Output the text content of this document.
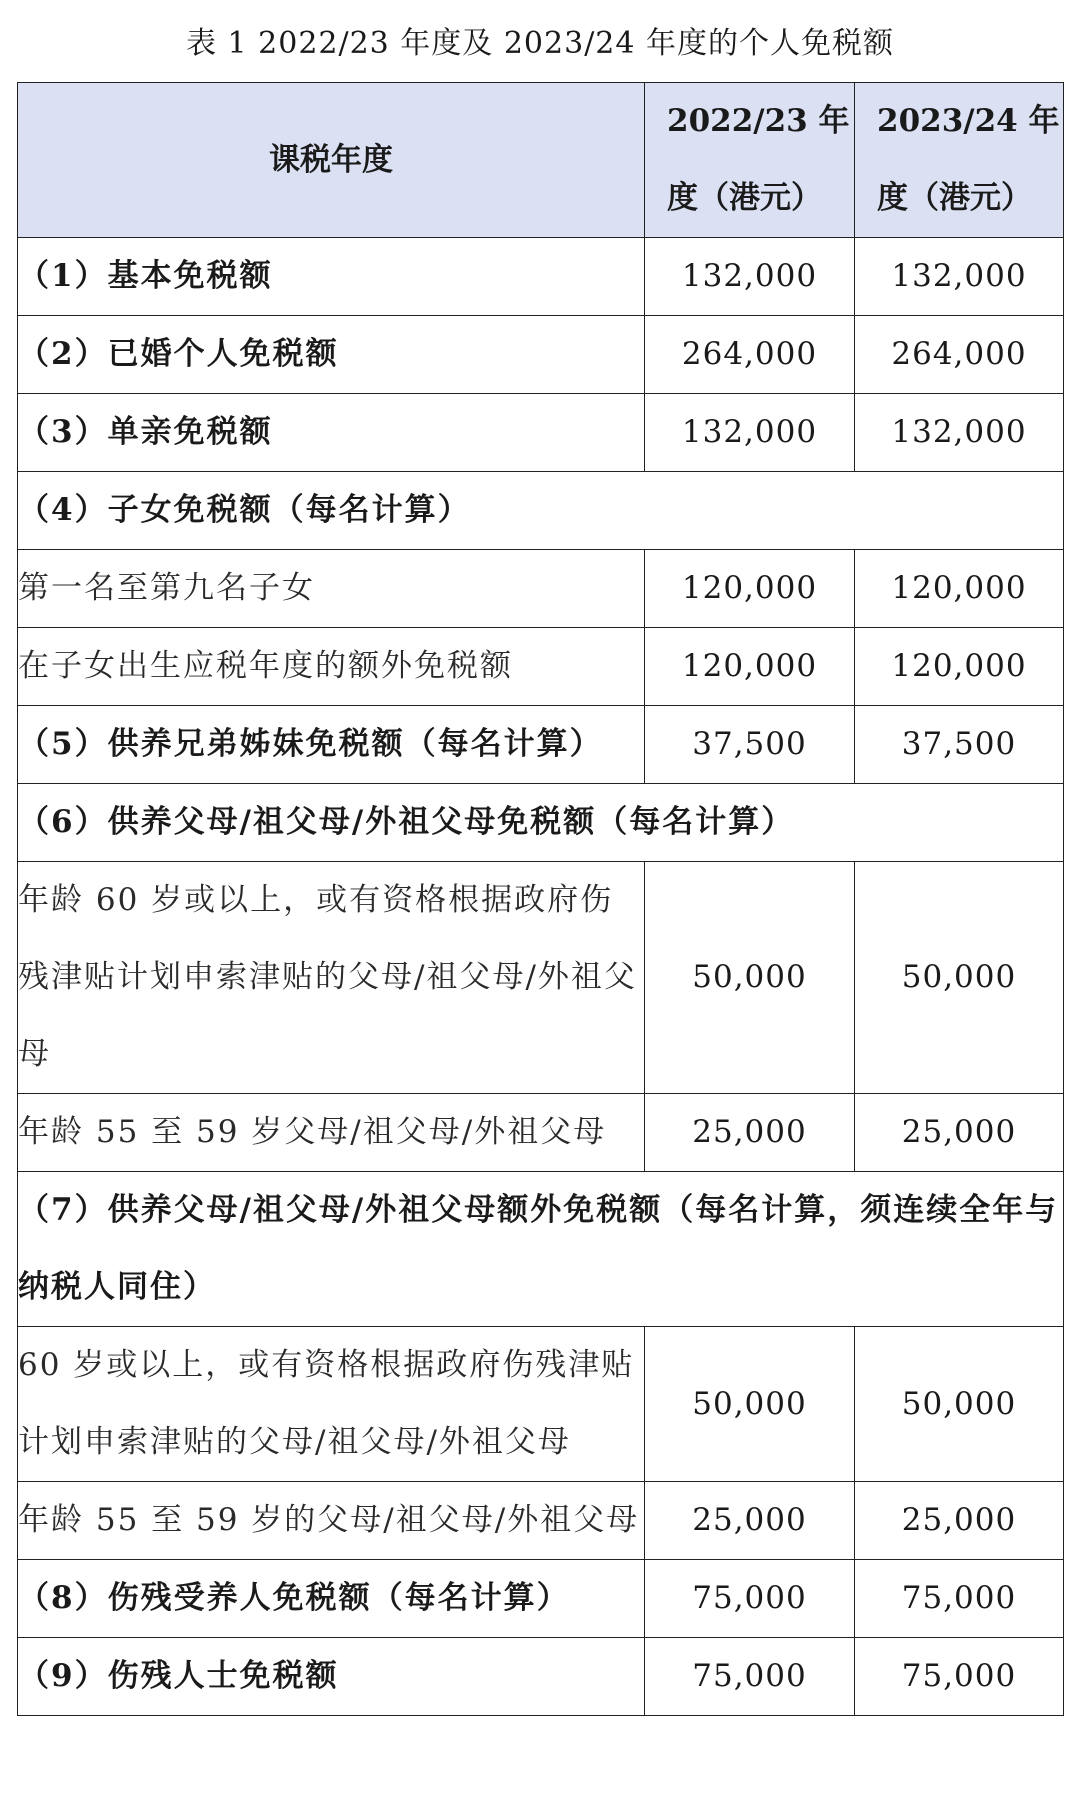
表 1 2022/23 年度及 2023/24 年度的个人免税额
课税年度	2022/23 年度（港元）	2023/24 年度（港元）
（1）基本免税额	132,000	132,000
（2）已婚个人免税额	264,000	264,000
（3）单亲免税额	132,000	132,000
（4）子女免税额（每名计算）		
第一名至第九名子女	120,000	120,000
在子女出生应税年度的额外免税额	120,000	120,000
（5）供养兄弟姊妹免税额（每名计算）	37,500	37,500
（6）供养父母/祖父母/外祖父母免税额（每名计算）		
年龄 60 岁或以上，或有资格根据政府伤残津贴计划申索津贴的父母/祖父母/外祖父母	50,000	50,000
年龄 55 至 59 岁父母/祖父母/外祖父母	25,000	25,000
（7）供养父母/祖父母/外祖父母额外免税额（每名计算，须连续全年与纳税人同住）		
60 岁或以上，或有资格根据政府伤残津贴计划申索津贴的父母/祖父母/外祖父母	50,000	50,000
年龄 55 至 59 岁的父母/祖父母/外祖父母	25,000	25,000
（8）伤残受养人免税额（每名计算）	75,000	75,000
（9）伤残人士免税额	75,000	75,000
